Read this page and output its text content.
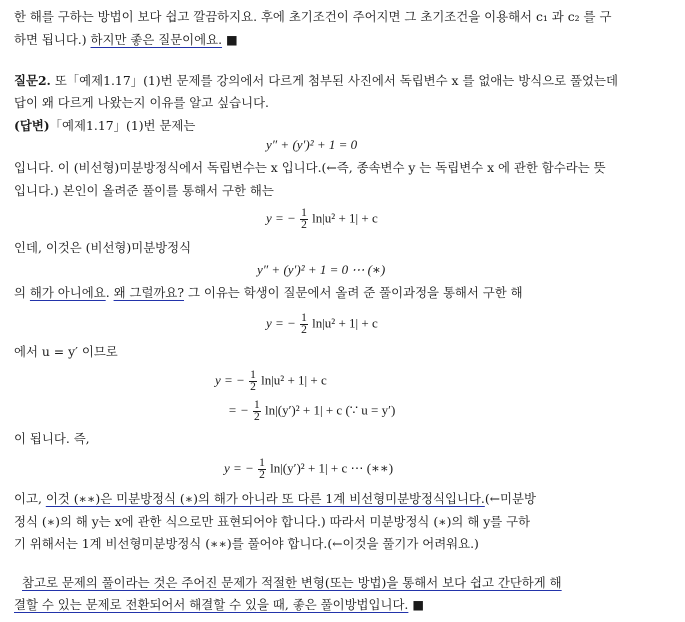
한 해를 구하는 방법이 보다 쉽고 깔끔하지요. 후에 초기조건이 주어지면 그 초기조건을 이용해서 c₁ 과 c₂ 를 구
하면 됩니다.) 하지만 좋은 질문이에요. ■
질문2. 또「예제1.17」(1)번 문제를 강의에서 다르게 첨부된 사진에서 독립변수 x 를 없애는 방식으로 풀었는데
답이 왜 다르게 나왔는지 이유를 알고 싶습니다.
(답변)「예제1.17」(1)번 문제는
y″ + (y′)² + 1 = 0
입니다. 이 (비선형)미분방정식에서 독립변수는 x 입니다.(←즉, 종속변수 y 는 독립변수 x 에 관한 함수라는 뜻
입니다.) 본인이 올려준 풀이를 통해서 구한 해는
y = − $\frac{1}{2} \ln|u^2 + 1| + c$
인데, 이것은 (비선형)미분방정식
y″ + (y′)² + 1 = 0 ⋯ (∗)
의 해가 아니에요. 왜 그럴까요? 그 이유는 학생이 질문에서 올려 준 풀이과정을 통해서 구한 해
y = − $\frac{1}{2} \ln|u^2 + 1| + c$
에서 u = y′ 이므로
y = − $\frac{1}{2} \ln|u^2 + 1| + c$
= − $\frac{1}{2} \ln|(y')^2 + 1| + c$ (∵ u = y′)
이 됩니다. 즉,
y = − $\frac{1}{2} \ln|(y')^2 + 1| + c$ ⋯ (∗∗)
이고, 이것 (∗∗)은 미분방정식 (∗)의 해가 아니라 또 다른 1계 비선형미분방정식입니다.(←미분방
정식 (∗)의 해 y는 x에 관한 식으로만 표현되어야 합니다.) 따라서 미분방정식 (∗)의 해 y를 구하
기 위해서는 1계 비선형미분방정식 (∗∗)를 풀어야 합니다.(←이것을 풀기가 어려워요.)
참고로 문제의 풀이라는 것은 주어진 문제가 적절한 변형(또는 방법)을 통해서 보다 쉽고 간단하게 해
결할 수 있는 문제로 전환되어서 해결할 수 있을 때, 좋은 풀이방법입니다. ■
